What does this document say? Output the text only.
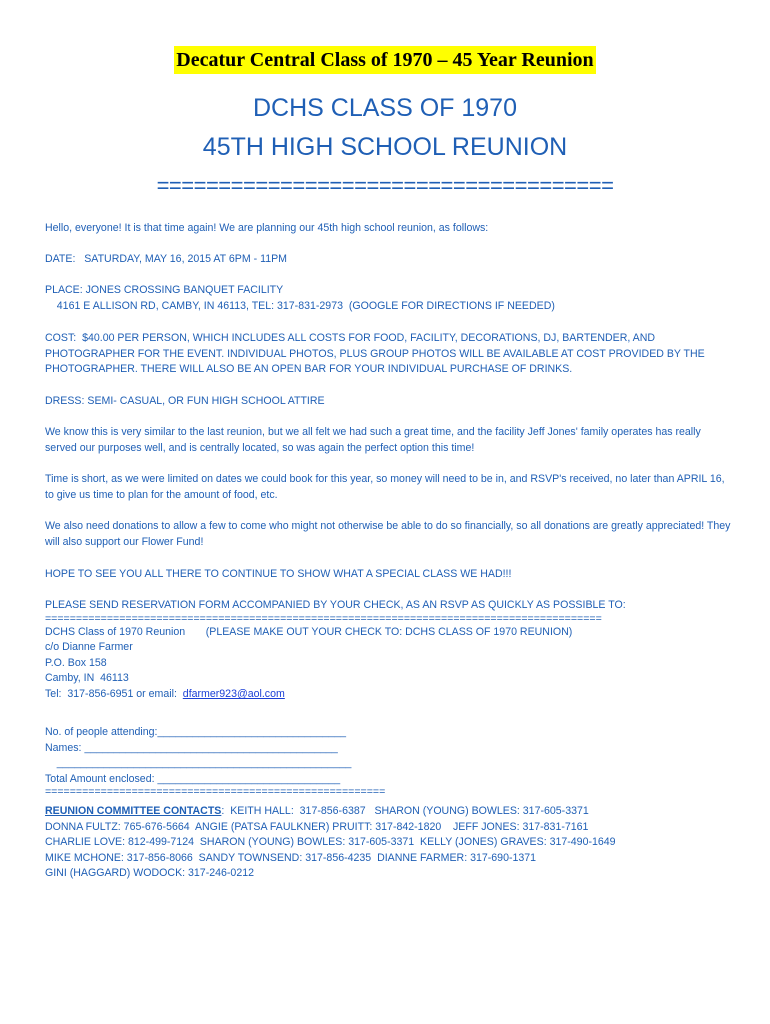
Decatur Central Class of 1970 – 45 Year Reunion
DCHS CLASS OF 1970
45TH HIGH SCHOOL REUNION
=====================================

Hello, everyone! It is that time again! We are planning our 45th high school reunion, as follows:

DATE:   SATURDAY, MAY 16, 2015 AT 6PM - 11PM

PLACE: JONES CROSSING BANQUET FACILITY

4161 E ALLISON RD, CAMBY, IN 46113, TEL: 317-831-2973  (GOOGLE FOR DIRECTIONS IF NEEDED)

COST:  $40.00 PER PERSON, WHICH INCLUDES ALL COSTS FOR FOOD, FACILITY, DECORATIONS, DJ, BARTENDER, AND PHOTOGRAPHER FOR THE EVENT. INDIVIDUAL PHOTOS, PLUS GROUP PHOTOS WILL BE AVAILABLE AT COST PROVIDED BY THE PHOTOGRAPHER. THERE WILL ALSO BE AN OPEN BAR FOR YOUR INDIVIDUAL PURCHASE OF DRINKS.

DRESS: SEMI- CASUAL, OR FUN HIGH SCHOOL ATTIRE

We know this is very similar to the last reunion, but we all felt we had such a great time, and the facility Jeff Jones' family operates has really served our purposes well, and is centrally located, so was again the perfect option this time!

Time is short, as we were limited on dates we could book for this year, so money will need to be in, and RSVP's received, no later than APRIL 16, to give us time to plan for the amount of food, etc.

We also need donations to allow a few to come who might not otherwise be able to do so financially, so all donations are greatly appreciated! They will also support our Flower Fund!

HOPE TO SEE YOU ALL THERE TO CONTINUE TO SHOW WHAT A SPECIAL CLASS WE HAD!!!

PLEASE SEND RESERVATION FORM ACCOMPANIED BY YOUR CHECK, AS AN RSVP AS QUICKLY AS POSSIBLE TO:

==========================================================================================

DCHS Class of 1970 Reunion       (PLEASE MAKE OUT YOUR CHECK TO: DCHS CLASS OF 1970 REUNION)

c/o Dianne Farmer

P.O. Box 158

Camby, IN  46113

Tel:  317-856-6951 or email:  dfarmer923@aol.com

No. of people attending:________________________________

Names: ___________________________________________

__________________________________________________

Total Amount enclosed: _______________________________

=======================================================

REUNION COMMITTEE CONTACTS:  KEITH HALL:  317-856-6387   SHARON (YOUNG) BOWLES: 317-605-3371

DONNA FULTZ: 765-676-5664  ANGIE (PATSA FAULKNER) PRUITT: 317-842-1820    JEFF JONES: 317-831-7161

CHARLIE LOVE: 812-499-7124  SHARON (YOUNG) BOWLES: 317-605-3371  KELLY (JONES) GRAVES: 317-490-1649

MIKE MCHONE: 317-856-8066  SANDY TOWNSEND: 317-856-4235  DIANNE FARMER: 317-690-1371

GINI (HAGGARD) WODOCK: 317-246-0212
